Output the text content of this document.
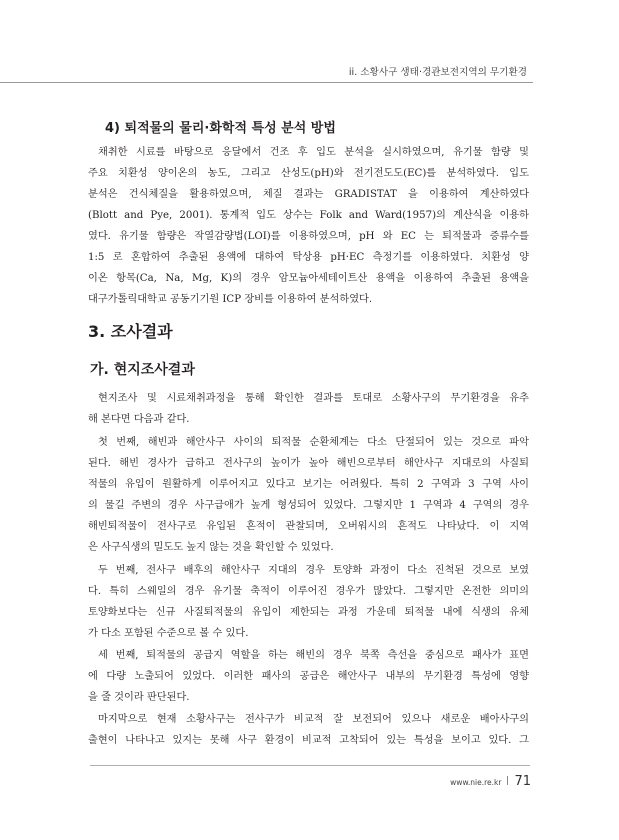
ii. 소황사구 생태·경관보전지역의 무기환경
4) 퇴적물의 물리·화학적 특성 분석 방법
채취한 시료를 바탕으로 응달에서 건조 후 입도 분석을 실시하였으며, 유기물 함량 및
주요 치환성 양이온의 농도, 그리고 산성도(pH)와 전기전도도(EC)를 분석하였다. 입도
분석은 건식체질을 활용하였으며, 체질 결과는 GRADISTAT 을 이용하여 계산하였다
(Blott and Pye, 2001). 통계적 입도 상수는 Folk and Ward(1957)의 계산식을 이용하
였다. 유기물 함량은 작열감량법(LOI)를 이용하였으며, pH 와 EC 는 퇴적물과 증류수를
1:5 로 혼합하여 추출된 용액에 대하여 탁상용 pH·EC 측정기를 이용하였다. 치환성 양
이온 항목(Ca, Na, Mg, K)의 경우 암모늄아세테이트산 용액을 이용하여 추출된 용액을
대구가톨릭대학교 공동기기원 ICP 장비를 이용하여 분석하였다.
3. 조사결과
가. 현지조사결과
현지조사 및 시료채취과정을 통해 확인한 결과를 토대로 소황사구의 무기환경을 유추
해 본다면 다음과 같다.
첫 번째, 해빈과 해안사구 사이의 퇴적물 순환체계는 다소 단절되어 있는 것으로 파악
된다. 해빈 경사가 급하고 전사구의 높이가 높아 해빈으로부터 해안사구 지대로의 사질퇴
적물의 유입이 원활하게 이루어지고 있다고 보기는 어려웠다. 특히 2 구역과 3 구역 사이
의 물길 주변의 경우 사구급애가 높게 형성되어 있었다. 그렇지만 1 구역과 4 구역의 경우
해빈퇴적물이 전사구로 유입된 흔적이 관찰되며, 오버워시의 흔적도 나타났다. 이 지역
은 사구식생의 밀도도 높지 않는 것을 확인할 수 있었다.
두 번째, 전사구 배후의 해안사구 지대의 경우 토양화 과정이 다소 진척된 것으로 보였
다. 특히 스웨일의 경우 유기물 축적이 이루어진 경우가 많았다. 그렇지만 온전한 의미의
토양화보다는 신규 사질퇴적물의 유입이 제한되는 과정 가운데 퇴적물 내에 식생의 유체
가 다소 포함된 수준으로 볼 수 있다.
세 번째, 퇴적물의 공급지 역할을 하는 해빈의 경우 북쪽 측선을 중심으로 패사가 표면
에 다량 노출되어 있었다. 이러한 패사의 공급은 해안사구 내부의 무기환경 특성에 영향
을 줄 것이라 판단된다.
마지막으로 현재 소황사구는 전사구가 비교적 잘 보전되어 있으나 새로운 배아사구의
출현이 나타나고 있지는 못해 사구 환경이 비교적 고착되어 있는 특성을 보이고 있다. 그
www.nie.re.kr 71
